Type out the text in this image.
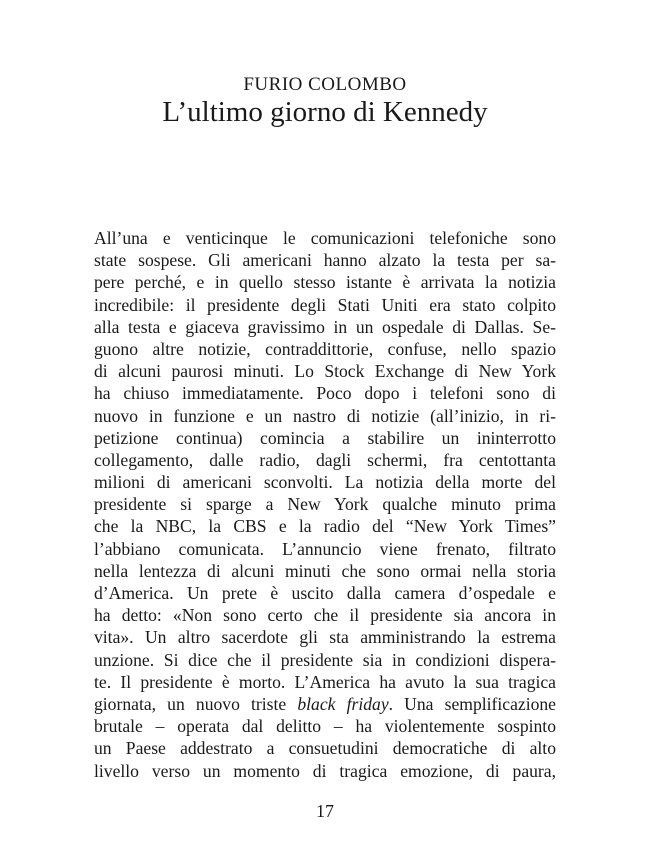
FURIO COLOMBO
L’ultimo giorno di Kennedy
All’una e venticinque le comunicazioni telefoniche sono
state sospese. Gli americani hanno alzato la testa per sa-
pere perché, e in quello stesso istante è arrivata la notizia
incredibile: il presidente degli Stati Uniti era stato colpito
alla testa e giaceva gravissimo in un ospedale di Dallas. Se-
guono altre notizie, contraddittorie, confuse, nello spazio
di alcuni paurosi minuti. Lo Stock Exchange di New York
ha chiuso immediatamente. Poco dopo i telefoni sono di
nuovo in funzione e un nastro di notizie (all’inizio, in ri-
petizione continua) comincia a stabilire un ininterrotto
collegamento, dalle radio, dagli schermi, fra centottanta
milioni di americani sconvolti. La notizia della morte del
presidente si sparge a New York qualche minuto prima
che la NBC, la CBS e la radio del “New York Times”
l’abbiano comunicata. L’annuncio viene frenato, filtrato
nella lentezza di alcuni minuti che sono ormai nella storia
d’America. Un prete è uscito dalla camera d’ospedale e
ha detto: «Non sono certo che il presidente sia ancora in
vita». Un altro sacerdote gli sta amministrando la estrema
unzione. Si dice che il presidente sia in condizioni dispera-
te. Il presidente è morto. L’America ha avuto la sua tragica
giornata, un nuovo triste black friday. Una semplificazione
brutale – operata dal delitto – ha violentemente sospinto
un Paese addestrato a consuetudini democratiche di alto
livello verso un momento di tragica emozione, di paura,
17
